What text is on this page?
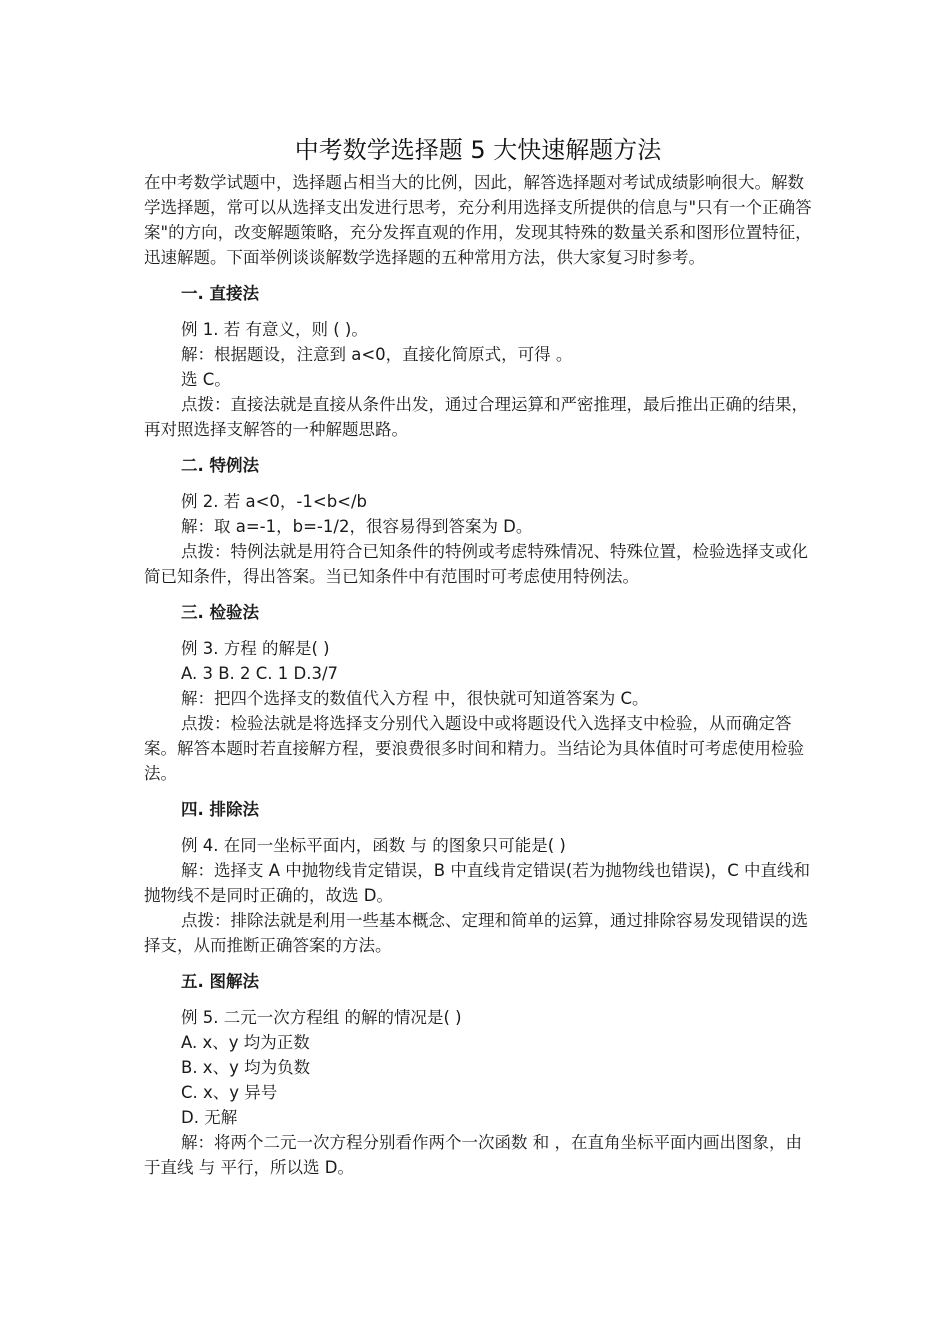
中考数学选择题 5 大快速解题方法

在中考数学试题中，选择题占相当大的比例，因此，解答选择题对考试成绩影响很大。解数学选择题，常可以从选择支出发进行思考，充分利用选择支所提供的信息与"只有一个正确答案"的方向，改变解题策略，充分发挥直观的作用，发现其特殊的数量关系和图形位置特征，迅速解题。下面举例谈谈解数学选择题的五种常用方法，供大家复习时参考。

一. 直接法

例 1. 若 有意义，则 ( )。

解：根据题设，注意到 a<0，直接化简原式，可得 。

选 C。

点拨：直接法就是直接从条件出发，通过合理运算和严密推理，最后推出正确的结果，再对照选择支解答的一种解题思路。

二. 特例法

例 2. 若 a<0，-1<b</b

解：取 a=-1，b=-1/2，很容易得到答案为 D。

点拨：特例法就是用符合已知条件的特例或考虑特殊情况、特殊位置，检验选择支或化简已知条件，得出答案。当已知条件中有范围时可考虑使用特例法。

三. 检验法

例 3. 方程 的解是( )

A. 3 B. 2 C. 1 D.3/7

解：把四个选择支的数值代入方程 中，很快就可知道答案为 C。

点拨：检验法就是将选择支分别代入题设中或将题设代入选择支中检验，从而确定答案。解答本题时若直接解方程，要浪费很多时间和精力。当结论为具体值时可考虑使用检验法。

四. 排除法

例 4. 在同一坐标平面内，函数 与 的图象只可能是( )

解：选择支 A 中抛物线肯定错误，B 中直线肯定错误(若为抛物线也错误)，C 中直线和抛物线不是同时正确的，故选 D。

点拨：排除法就是利用一些基本概念、定理和简单的运算，通过排除容易发现错误的选择支，从而推断正确答案的方法。

五. 图解法

例 5. 二元一次方程组 的解的情况是( )

A. x、y 均为正数

B. x、y 均为负数

C. x、y 异号

D. 无解

解：将两个二元一次方程分别看作两个一次函数 和 ，在直角坐标平面内画出图象，由于直线 与 平行，所以选 D。
